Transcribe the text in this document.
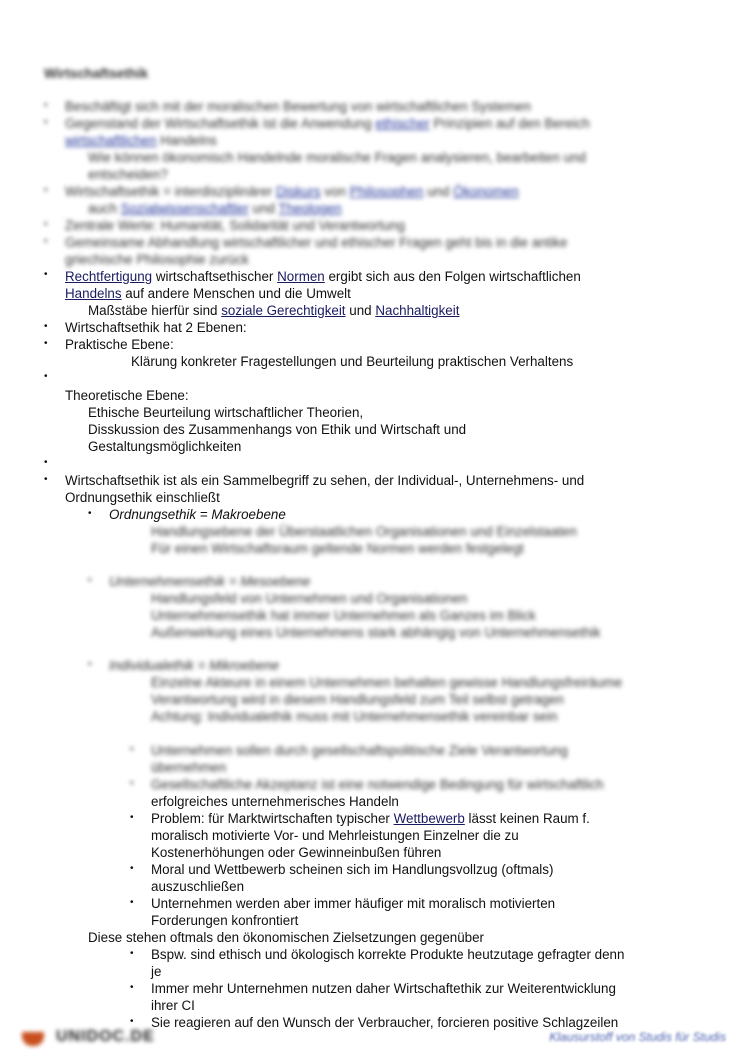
Wirtschaftsethik
• Beschäftigt sich mit der moralischen Bewertung von wirtschaftlichen Systemen
• Gegenstand der Wirtschaftsethik ist die Anwendung ethischer Prinzipien auf den Bereich
wirtschaftlichen Handelns
Wie können ökonomisch Handelnde moralische Fragen analysieren, bearbeiten und
entscheiden?
• Wirtschaftsethik = interdisziplinärer Diskurs von Philosophen und Ökonomen
auch Sozialwissenschaftler und Theologen
• Zentrale Werte: Humanität, Solidarität und Verantwortung
• Gemeinsame Abhandlung wirtschaftlicher und ethischer Fragen geht bis in die antike
griechische Philosophie zurück
• Rechtfertigung wirtschaftsethischer Normen ergibt sich aus den Folgen wirtschaftlichen
Handelns auf andere Menschen und die Umwelt
Maßstäbe hierfür sind soziale Gerechtigkeit und Nachhaltigkeit
• Wirtschaftsethik hat 2 Ebenen:
• Praktische Ebene:
Klärung konkreter Fragestellungen und Beurteilung praktischen Verhaltens
•
Theoretische Ebene:
Ethische Beurteilung wirtschaftlicher Theorien,
Disskussion des Zusammenhangs von Ethik und Wirtschaft und
Gestaltungsmöglichkeiten
•
• Wirtschaftsethik ist als ein Sammelbegriff zu sehen, der Individual-, Unternehmens- und
Ordnungsethik einschließt
• Ordnungsethik = Makroebene
Handlungsebene der Überstaatlichen Organisationen und Einzelstaaten
Für einen Wirtschaftsraum geltende Normen werden festgelegt
• Unternehmensethik = Mesoebene
Handlungsfeld von Unternehmen und Organisationen
Unternehmensethik hat immer Unternehmen als Ganzes im Blick
Außenwirkung eines Unternehmens stark abhängig von Unternehmensethik
• Individualethik = Mikroebene
Einzelne Akteure in einem Unternehmen behalten gewisse Handlungsfreiräume
Verantwortung wird in diesem Handlungsfeld zum Teil selbst getragen
Achtung: Individualethik muss mit Unternehmensethik vereinbar sein
• Unternehmen sollen durch gesellschaftspolitische Ziele Verantwortung
übernehmen
• Gesellschaftliche Akzeptanz ist eine notwendige Bedingung für wirtschaftlich
erfolgreiches unternehmerisches Handeln
• Problem: für Marktwirtschaften typischer Wettbewerb lässt keinen Raum f.
moralisch motivierte Vor- und Mehrleistungen Einzelner die zu
Kostenerhöhungen oder Gewinneinbußen führen
• Moral und Wettbewerb scheinen sich im Handlungsvollzug (oftmals)
auszuschließen
• Unternehmen werden aber immer häufiger mit moralisch motivierten
Forderungen konfrontiert
Diese stehen oftmals den ökonomischen Zielsetzungen gegenüber
• Bspw. sind ethisch und ökologisch korrekte Produkte heutzutage gefragter denn
je
• Immer mehr Unternehmen nutzen daher Wirtschaftethik zur Weiterentwicklung
ihrer CI
• Sie reagieren auf den Wunsch der Verbraucher, forcieren positive Schlagzeilen
UNIDOC.DE	Klausurstoff von Studis für Studis
